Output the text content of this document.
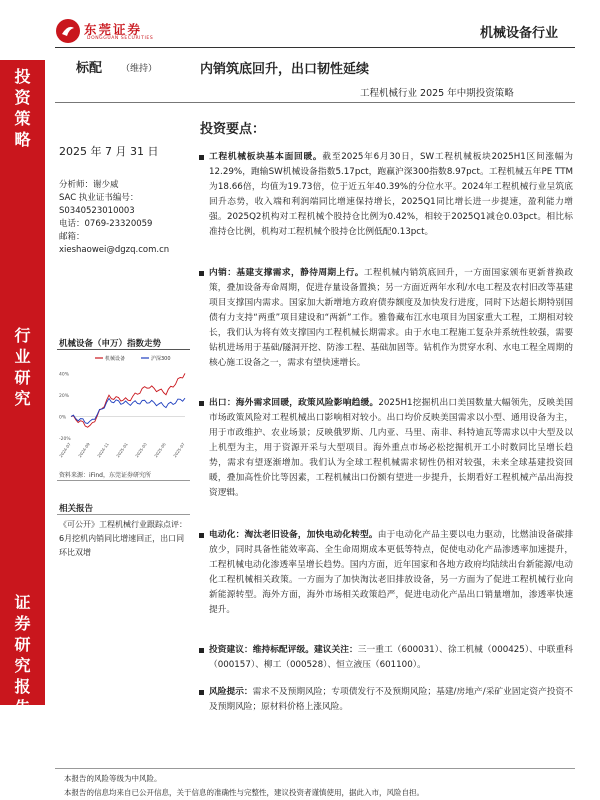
东莞证券
DONGGUAN SECURITIES	机械设备行业
投
资
策
略
行
业
研
究
证
券
研
究
报
告
标配 （维持）	内销筑底回升，出口韧性延续
工程机械行业 2025 年中期投资策略
2025 年 7 月 31 日
分析师：谢少威
SAC 执业证书编号：
S0340523010003
电话：0769-23320059
邮箱：
xieshaowei@dgzq.com.cn
机械设备（申万）指数走势
-20%
0%
20%
40%
2024-07 2024-09 2024-11 2025-01 2025-03 2025-05 2025-07
机械设备	沪深300
资料来源：iFind，东莞证券研究所
相关报告
《可公开》工程机械行业跟踪点评：6月挖机内销同比增速回正，出口同环比双增
投资要点：
工程机械板块基本面回暖。截至2025年6月30日，SW工程机械板块2025H1区间涨幅为12.29%，跑输SW机械设备指数5.17pct，跑赢沪深300指数8.97pct。工程机械五年PE TTM为18.66倍，均值为19.73倍，位于近五年40.39%的分位水平。2024年工程机械行业呈筑底回升态势，收入端和利润端同比增速保持增长，2025Q1同比增长进一步提速，盈利能力增强。2025Q2机构对工程机械个股持仓比例为0.42%，相较于2025Q1减仓0.03pct。相比标准持仓比例，机构对工程机械个股持仓比例低配0.13pct。
内销：基建支撑需求，静待周期上行。工程机械内销筑底回升，一方面国家颁布更新普换政策，叠加设备寿命周期，促进存量设备置换；另一方面近两年水利/水电工程及农村旧改等基建项目支撑国内需求。国家加大新增地方政府债券额度及加快发行进度，同时下达超长期特别国债有力支持“两重”项目建设和“两新”工作。雅鲁藏布江水电项目为国家重大工程，工期相对较长，我们认为将有效支撑国内工程机械长期需求。由于水电工程施工复杂并系统性较强，需要钻机进场用于基础/隧洞开挖、防渗工程、基础加固等。钻机作为贯穿水利、水电工程全周期的核心施工设备之一，需求有望快速增长。
出口：海外需求回暖，政策风险影响趋缓。2025H1挖掘机出口美国数量大幅领先，反映美国市场政策风险对工程机械出口影响相对较小。出口均价反映美国需求以小型、通用设备为主，用于市政维护、农业场景；反映俄罗斯、几内亚、马里、南非、科特迪瓦等需求以中大型及以上机型为主，用于资源开采与大型项目。海外重点市场必松挖掘机开工小时数同比呈增长趋势，需求有望逐渐增加。我们认为全球工程机械需求韧性仍相对较强，未来全球基建投资回暖，叠加高性价比等因素，工程机械出口份额有望进一步提升，长期看好工程机械产品出海投资逻辑。
电动化：淘汰老旧设备，加快电动化转型。由于电动化产品主要以电力驱动，比燃油设备碳排放少，同时具备性能效率高、全生命周期成本更低等特点，促使电动化产品渗透率加速提升，工程机械电动化渗透率呈增长趋势。国内方面，近年国家和各地方政府均陆续出台新能源/电动化工程机械相关政策。一方面为了加快淘汰老旧排放设备，另一方面为了促进工程机械行业向新能源转型。海外方面，海外市场相关政策趋严，促进电动化产品出口销量增加，渗透率快速提升。
投资建议：维持标配评级。建议关注：三一重工（600031）、徐工机械（000425）、中联重科（000157）、柳工（000528）、恒立液压（601100）。
风险提示：需求不及预期风险；专项债发行不及预期风险；基建/房地产/采矿业固定资产投资不及预期风险；原材料价格上涨风险。
本报告的风险等级为中风险。
本报告的信息均来自已公开信息，关于信息的准确性与完整性，建议投资者谨慎使用，据此入市，风险自担。
